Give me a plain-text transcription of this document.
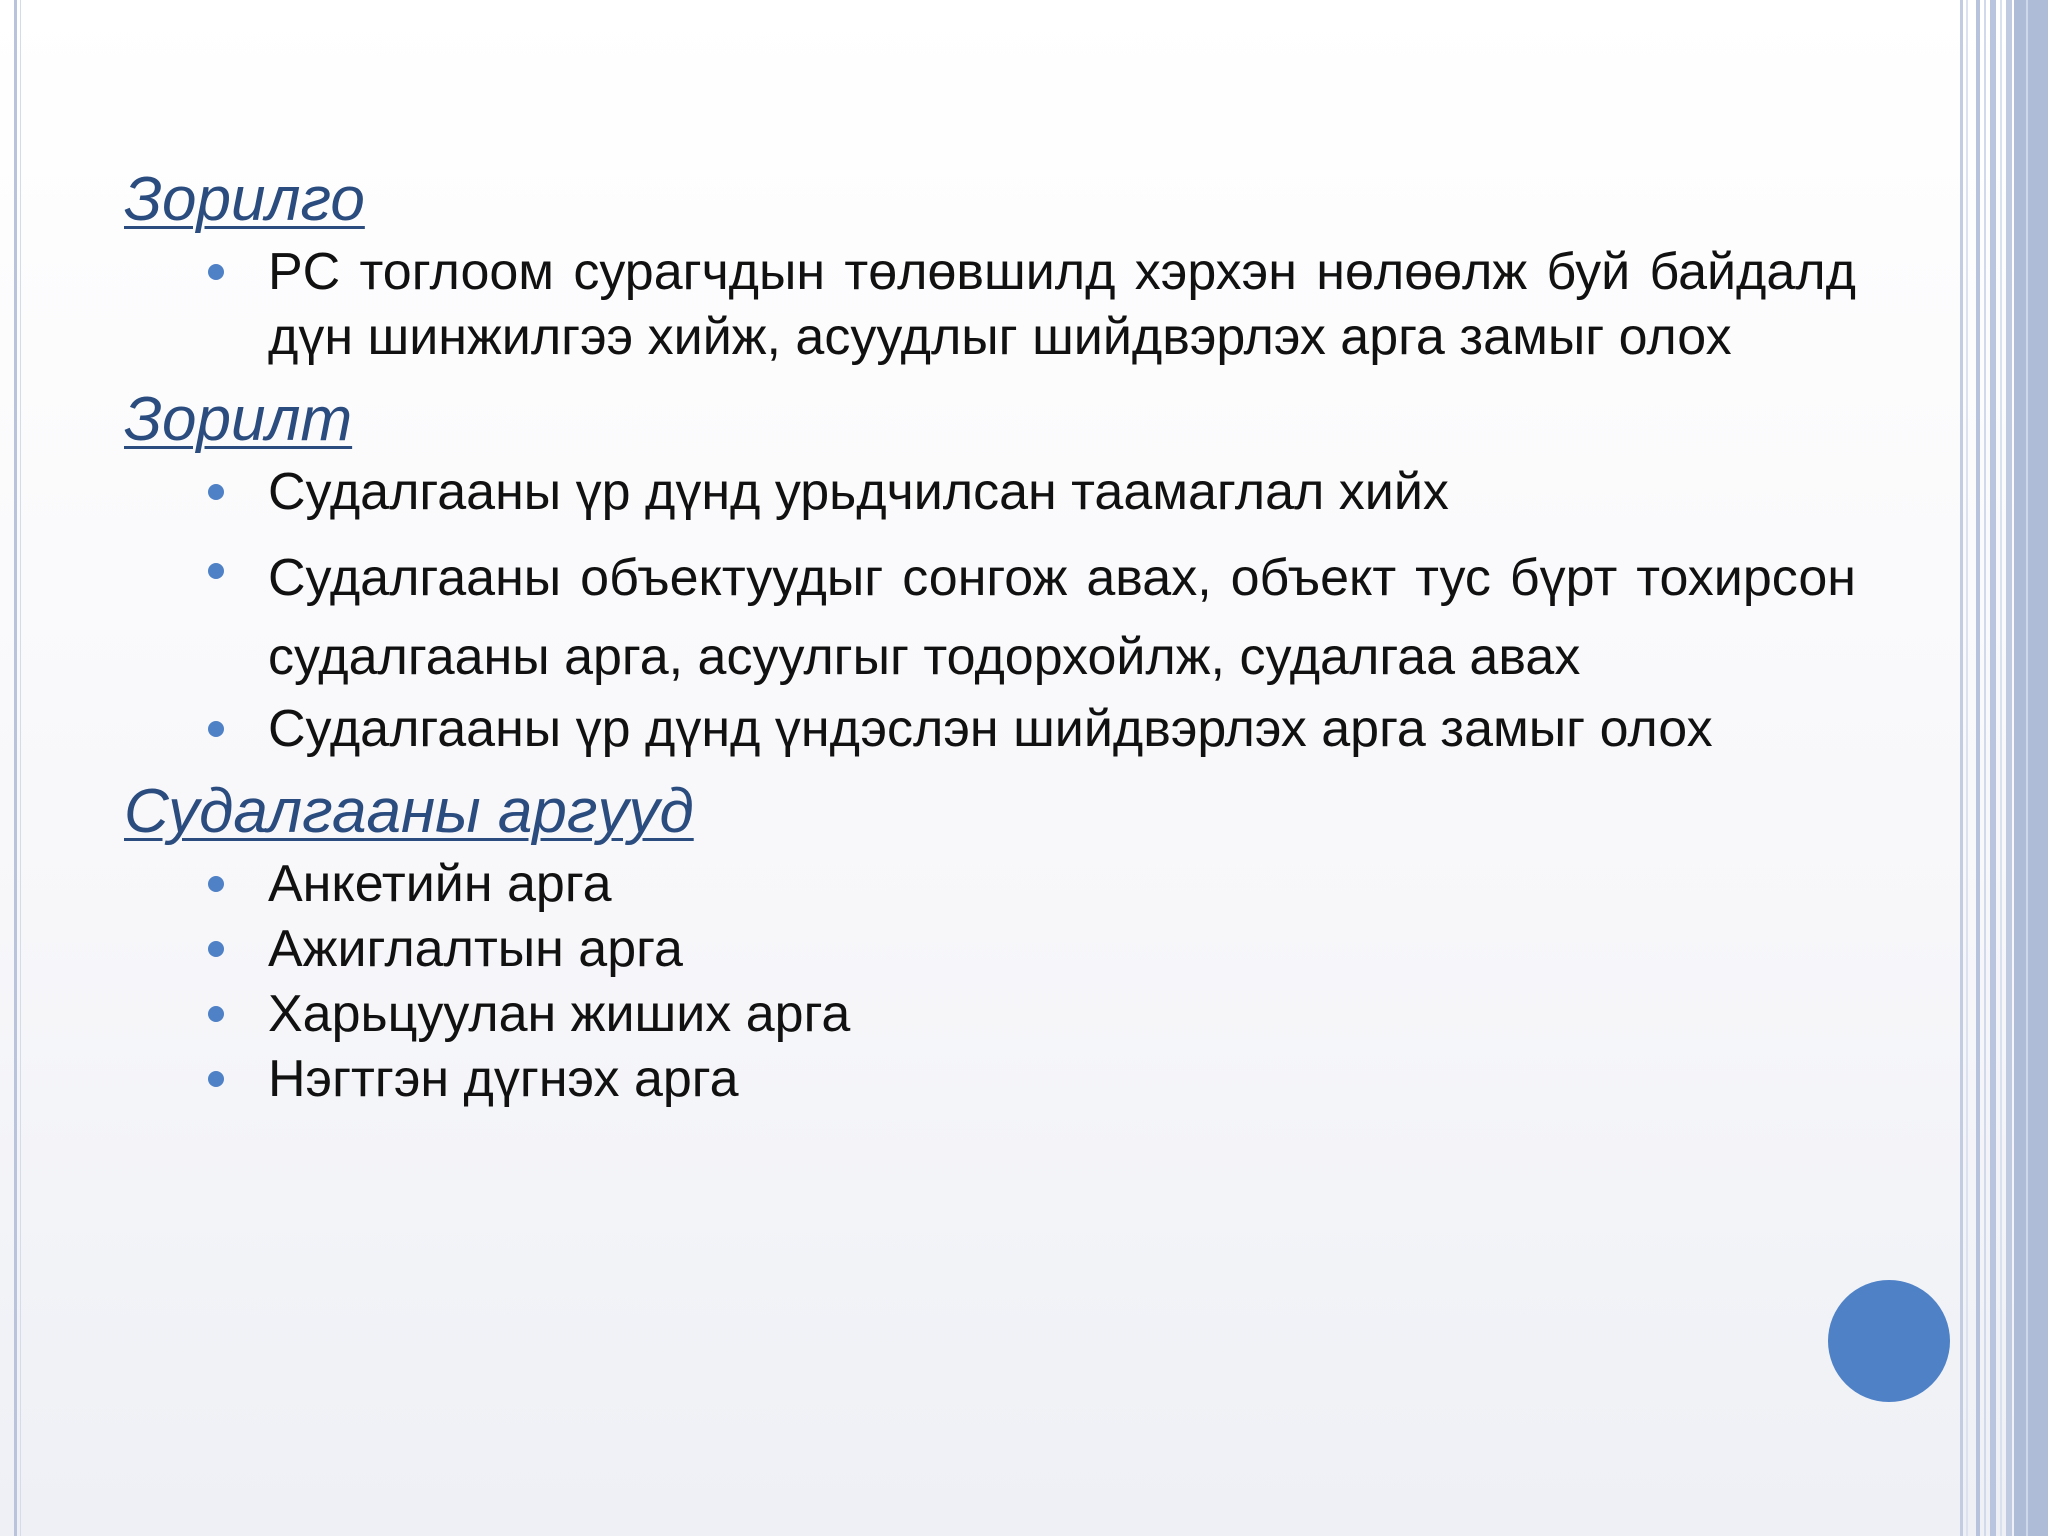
Зорилго
PC тоглоом сурагчдын төлөвшилд хэрхэн нөлөөлж буй байдалд дүн шинжилгээ хийж, асуудлыг шийдвэрлэх арга замыг олох
Зорилт
Судалгааны үр дүнд урьдчилсан таамаглал хийх
Судалгааны объектуудыг сонгож авах, объект тус бүрт тохирсон судалгааны арга, асуулгыг тодорхойлж, судалгаа авах
Судалгааны үр дүнд үндэслэн шийдвэрлэх арга замыг олох
Судалгааны аргууд
Анкетийн арга
Ажиглалтын арга
Харьцуулан жиших арга
Нэгтгэн дүгнэх арга
